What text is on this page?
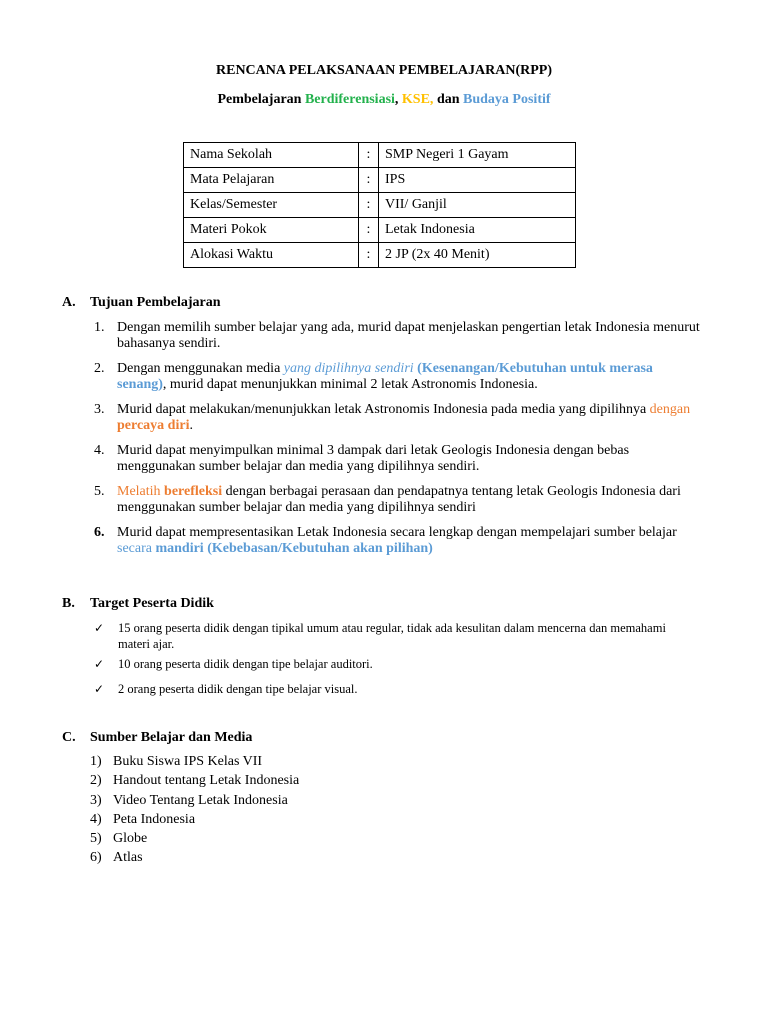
RENCANA PELAKSANAAN PEMBELAJARAN(RPP)
Pembelajaran Berdiferensiasi, KSE, dan Budaya Positif
Nama Sekolah	:	SMP Negeri 1 Gayam
Mata Pelajaran	:	IPS
Kelas/Semester	:	VII/ Ganjil
Materi Pokok	:	Letak Indonesia
Alokasi Waktu	:	2 JP (2x 40 Menit)
A. Tujuan Pembelajaran
1. Dengan memilih sumber belajar yang ada, murid dapat menjelaskan pengertian letak Indonesia menurut bahasanya sendiri.
2. Dengan menggunakan media yang dipilihnya sendiri (Kesenangan/Kebutuhan untuk merasa senang), murid dapat menunjukkan minimal 2 letak Astronomis Indonesia.
3. Murid dapat melakukan/menunjukkan letak Astronomis Indonesia pada media yang dipilihnya dengan percaya diri.
4. Murid dapat menyimpulkan minimal 3 dampak dari letak Geologis Indonesia dengan bebas menggunakan sumber belajar dan media yang dipilihnya sendiri.
5. Melatih berefleksi dengan berbagai perasaan dan pendapatnya tentang letak Geologis Indonesia dari menggunakan sumber belajar dan media yang dipilihnya sendiri
6. Murid dapat mempresentasikan Letak Indonesia secara lengkap dengan mempelajari sumber belajar secara mandiri (Kebebasan/Kebutuhan akan pilihan)
B. Target Peserta Didik
✓ 15 orang peserta didik dengan tipikal umum atau regular, tidak ada kesulitan dalam mencerna dan memahami materi ajar.
✓ 10 orang peserta didik dengan tipe belajar auditori.
✓ 2 orang peserta didik dengan tipe belajar visual.
C. Sumber Belajar dan Media
1) Buku Siswa IPS Kelas VII
2) Handout tentang Letak Indonesia
3) Video Tentang Letak Indonesia
4) Peta Indonesia
5) Globe
6) Atlas
